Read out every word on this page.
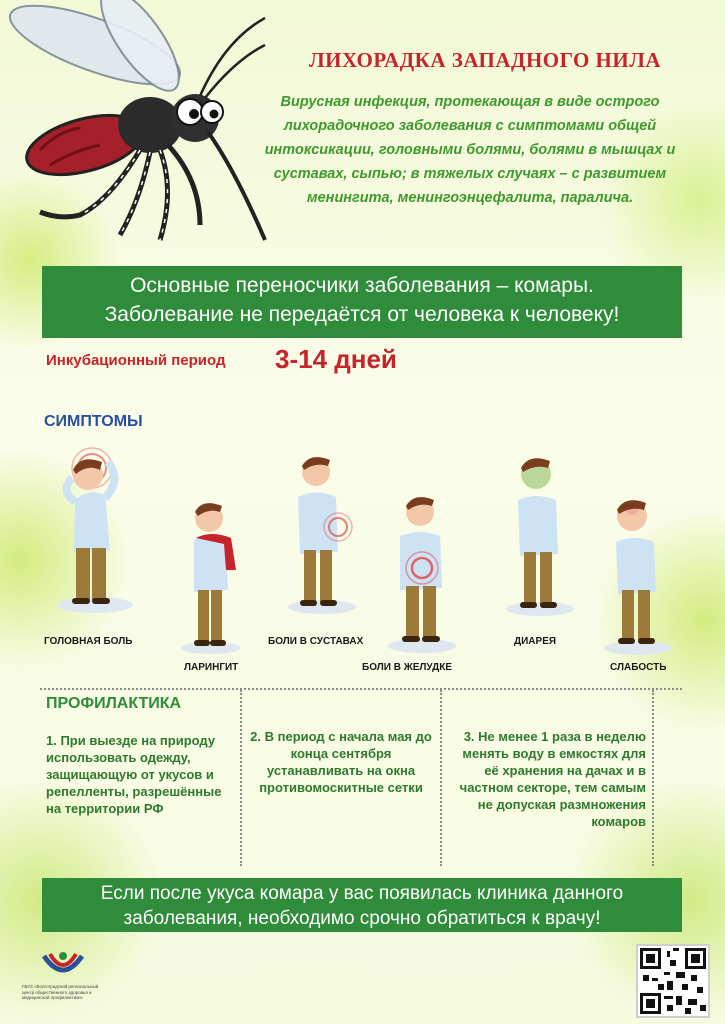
ЛИХОРАДКА ЗАПАДНОГО НИЛА
Вирусная инфекция, протекающая в виде острого лихорадочного заболевания с симптомами общей интоксикации, головными болями, болями в мышцах и суставах, сыпью; в тяжелых случаях – с развитием менингита, менингоэнцефалита, паралича.
Основные переносчики заболевания – комары.
Заболевание не передаётся от человека к человеку!
Инкубационный период 3-14 дней
СИМПТОМЫ
ГОЛОВНАЯ БОЛЬ
ЛАРИНГИТ
БОЛИ В СУСТАВАХ
БОЛИ В ЖЕЛУДКЕ
ДИАРЕЯ
СЛАБОСТЬ
ПРОФИЛАКТИКА
1. При выезде на природу использовать одежду, защищающую от укусов и репелленты, разрешённые на территории РФ
2. В период с начала мая до конца сентября устанавливать на окна противомоскитные сетки
3. Не менее 1 раза в неделю менять воду в емкостях для её хранения на дачах и в частном секторе, тем самым не допуская размножения комаров
Если после укуса комара у вас появилась клиника данного
заболевания, необходимо срочно обратиться к врачу!
ГБУЗ «Волгоградский региональный центр общественного здоровья и медицинской профилактики»
